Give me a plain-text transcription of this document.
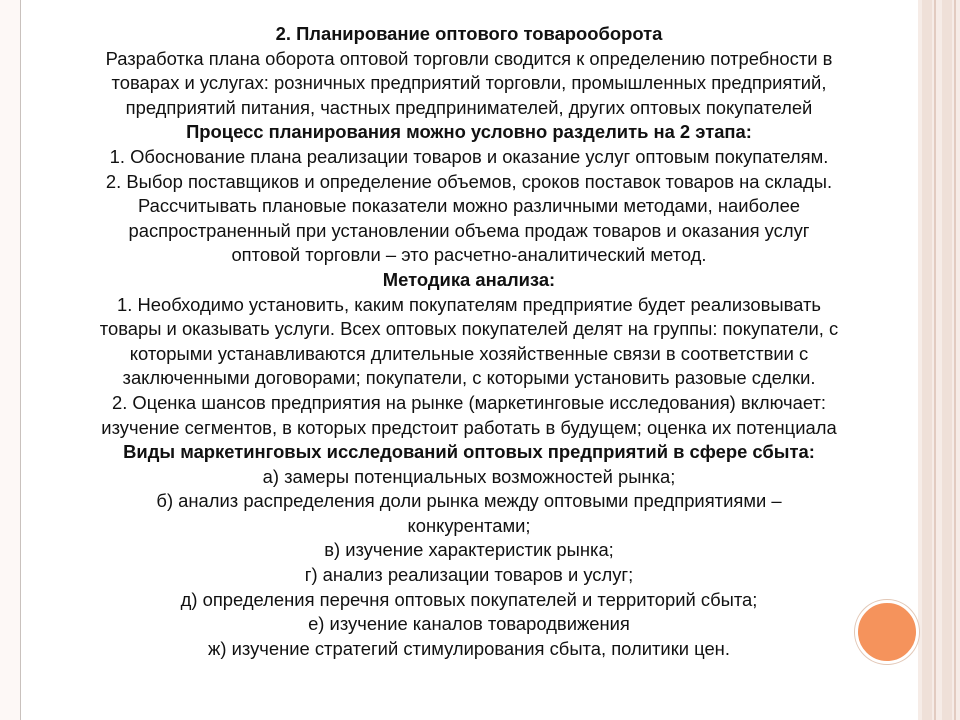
2. Планирование оптового товарооборота
Разработка плана оборота оптовой торговли сводится к определению потребности в
товарах и услугах: розничных предприятий торговли, промышленных предприятий,
предприятий питания, частных предпринимателей, других оптовых покупателей
Процесс планирования можно условно разделить на 2 этапа:
1. Обоснование плана реализации товаров и оказание услуг оптовым покупателям.
2. Выбор поставщиков и определение объемов, сроков поставок товаров на склады.
Рассчитывать плановые показатели можно различными методами, наиболее
распространенный при установлении объема продаж товаров и оказания услуг
оптовой торговли – это расчетно-аналитический метод.
Методика анализа:
1. Необходимо установить, каким покупателям предприятие будет реализовывать
товары и оказывать услуги. Всех оптовых покупателей делят на группы: покупатели, с
которыми устанавливаются длительные хозяйственные связи в соответствии с
заключенными договорами; покупатели, с которыми установить разовые сделки.
2. Оценка шансов предприятия на рынке (маркетинговые исследования) включает:
изучение сегментов, в которых предстоит работать в будущем; оценка их потенциала
Виды маркетинговых исследований оптовых предприятий в сфере сбыта:
а) замеры потенциальных возможностей рынка;
б) анализ распределения доли рынка между оптовыми предприятиями –
конкурентами;
в) изучение характеристик рынка;
г) анализ реализации товаров и услуг;
д) определения перечня оптовых покупателей и территорий сбыта;
е) изучение каналов товародвижения
ж) изучение стратегий стимулирования сбыта, политики цен.
